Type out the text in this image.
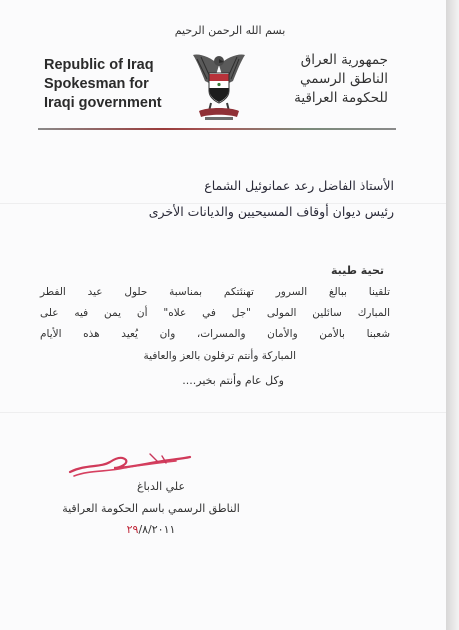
بسم الله الرحمن الرحيم
Republic of Iraq
Spokesman for
Iraqi government
جمهورية العراق
الناطق الرسمي
للحكومة العراقية
الأستاذ الفاضل رعد عمانوئيل الشماع
رئيس ديوان أوقاف المسيحيين والديانات الأخرى
تحية طيبة
تلقينا ببالغ السرور تهنئتكم بمناسبة حلول عيد الفطر
المبارك سائلين المولى "جل في علاه" أن يمن فيه على
شعبنا بالأمن والأمان والمسرات، وان يُعيد هذه الأيام
المباركة وأنتم ترفلون بالعز والعافية
وكل عام وأنتم بخير....
علي الدباغ
الناطق الرسمي باسم الحكومة العراقية
٢٩/٨/٢٠١١
